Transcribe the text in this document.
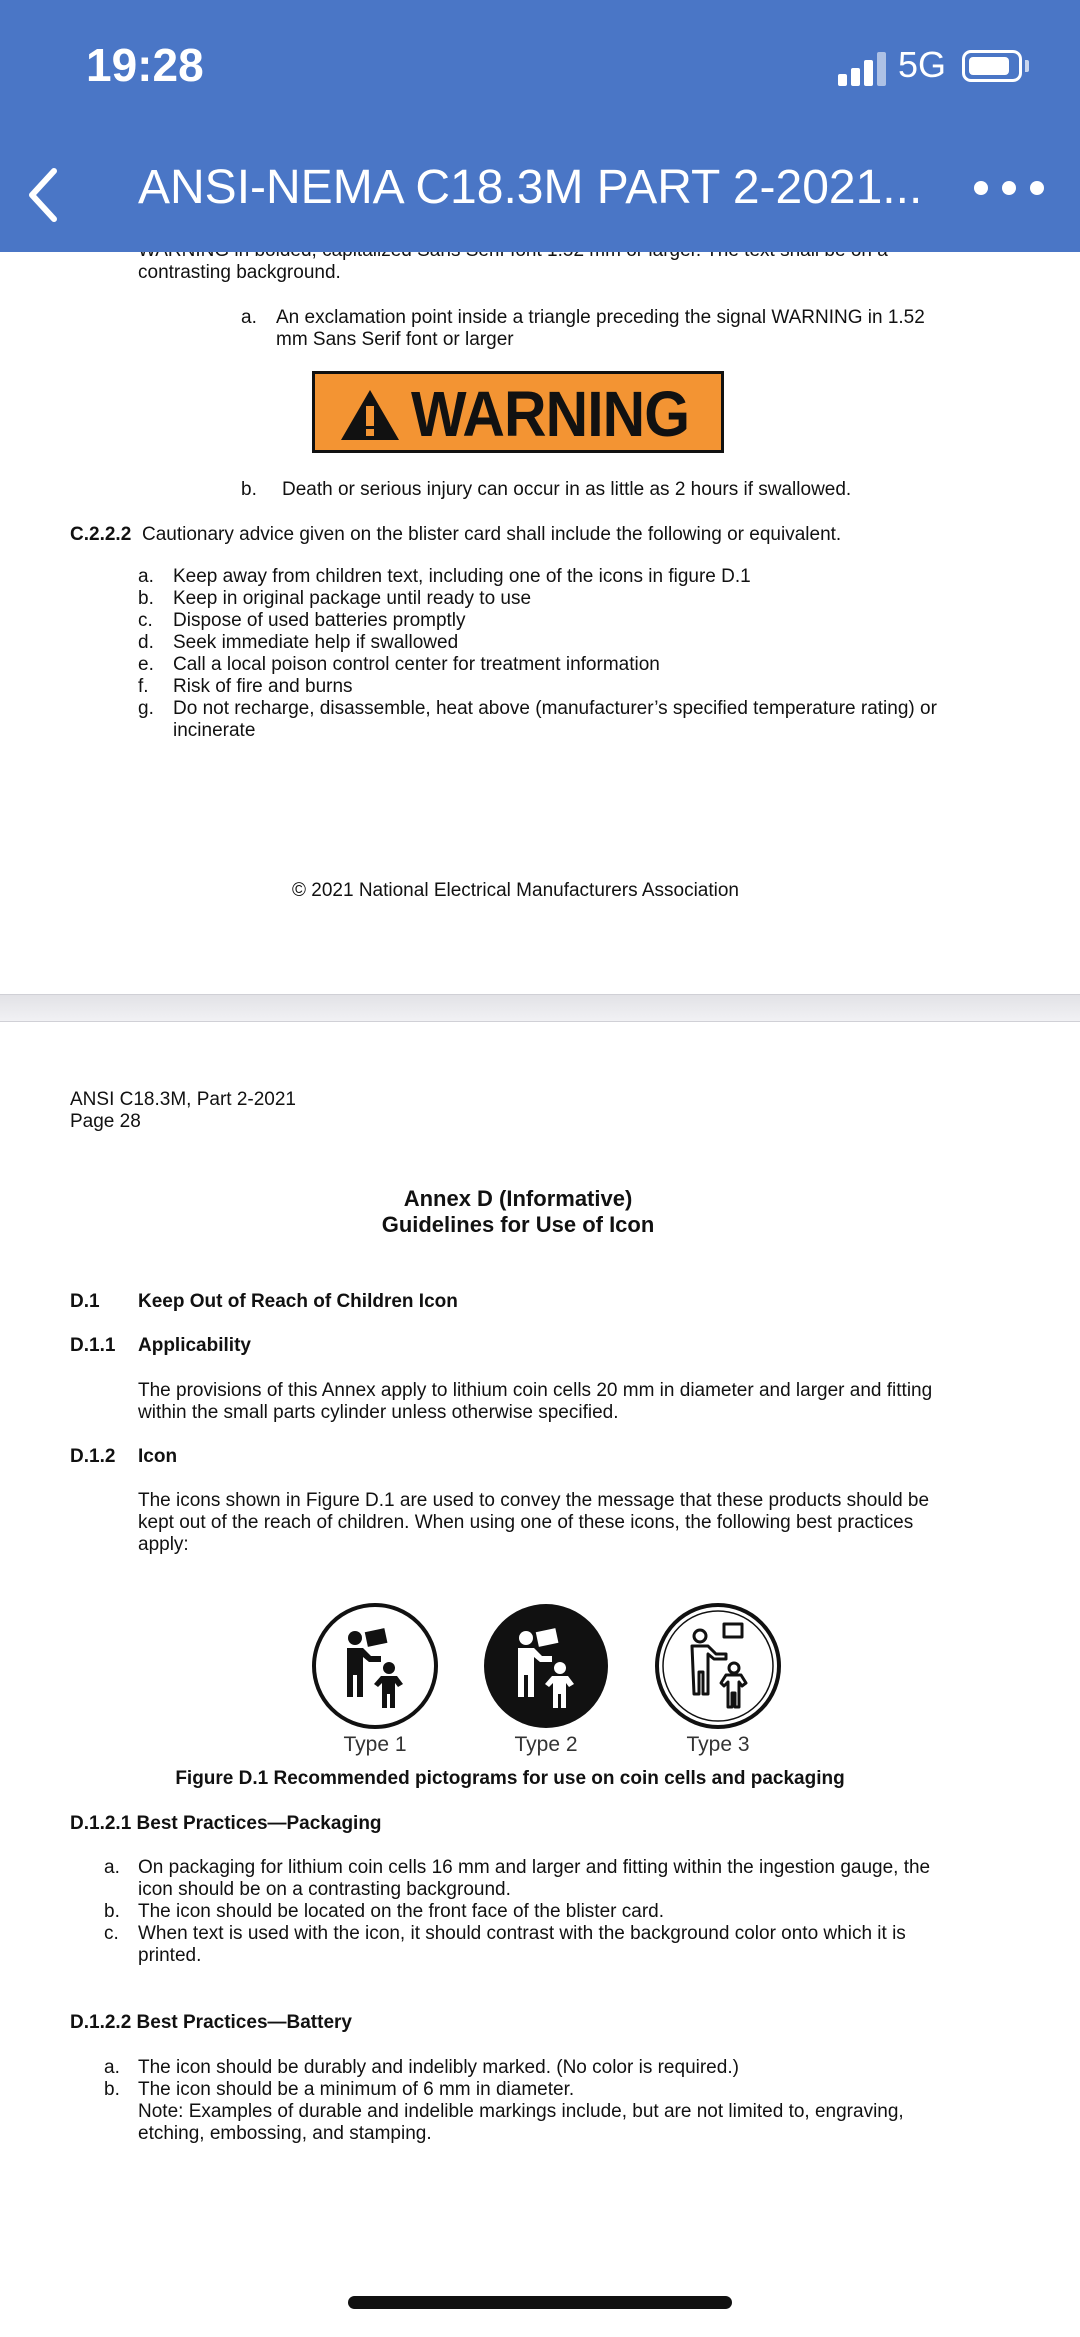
19:28	5G
ANSI-NEMA C18.3M PART 2-2021...
contrasting background.
a. An exclamation point inside a triangle preceding the signal WARNING in 1.52
mm Sans Serif font or larger
WARNING
b. Death or serious injury can occur in as little as 2 hours if swallowed.
C.2.2.2 Cautionary advice given on the blister card shall include the following or equivalent.
a. Keep away from children text, including one of the icons in figure D.1
b. Keep in original package until ready to use
c. Dispose of used batteries promptly
d. Seek immediate help if swallowed
e. Call a local poison control center for treatment information
f. Risk of fire and burns
g. Do not recharge, disassemble, heat above (manufacturer’s specified temperature rating) or
incinerate
© 2021 National Electrical Manufacturers Association
ANSI C18.3M, Part 2-2021
Page 28
Annex D (Informative)
Guidelines for Use of Icon
D.1 Keep Out of Reach of Children Icon
D.1.1 Applicability
The provisions of this Annex apply to lithium coin cells 20 mm in diameter and larger and fitting
within the small parts cylinder unless otherwise specified.
D.1.2 Icon
The icons shown in Figure D.1 are used to convey the message that these products should be
kept out of the reach of children. When using one of these icons, the following best practices
apply:
Type 1	Type 2	Type 3
Figure D.1 Recommended pictograms for use on coin cells and packaging
D.1.2.1 Best Practices—Packaging
a. On packaging for lithium coin cells 16 mm and larger and fitting within the ingestion gauge, the
icon should be on a contrasting background.
b. The icon should be located on the front face of the blister card.
c. When text is used with the icon, it should contrast with the background color onto which it is
printed.
D.1.2.2 Best Practices—Battery
a. The icon should be durably and indelibly marked. (No color is required.)
b. The icon should be a minimum of 6 mm in diameter.
Note: Examples of durable and indelible markings include, but are not limited to, engraving,
etching, embossing, and stamping.
